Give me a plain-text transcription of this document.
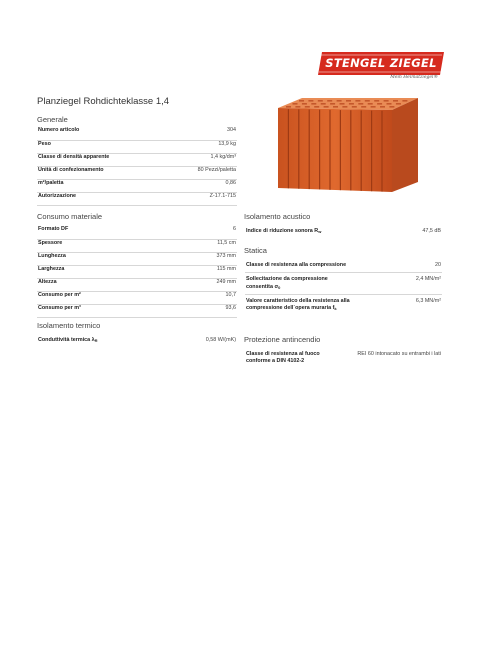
STENGEL ZIEGEL
Mein Heimatziegel®
Planziegel Rohdichteklasse 1,4
Generale
Numero articolo	304
Peso	13,9 kg
Classe di densità apparente	1,4 kg/dm³
Unità di confezionamento	80 Pezzi/paletta
m²/paletta	0,86
Autorizzazione	Z-17.1-715
Consumo materiale
Formato DF	6
Spessore	11,5 cm
Lunghezza	373 mm
Larghezza	115 mm
Altezza	249 mm
Consumo per m²	10,7
Consumo per m³	93,6
Isolamento termico
Conduttività termica $\lambda_R$	0,58 W/(mK)
Isolamento acustico
Indice di riduzione sonora $R_w$	47,5 dB
Statica
Classe di resistenza alla compressione	20
Sollecitazione da compressione consentita $\sigma_0$	2,4 MN/m²
Valore caratteristico della resistenza alla compressione dell´opera muraria $f_k$	6,3 MN/m²
Protezione antincendio
Classe di resistenza al fuoco conforme a DIN 4102-2	REI 60 intonacato su entrambi i lati
